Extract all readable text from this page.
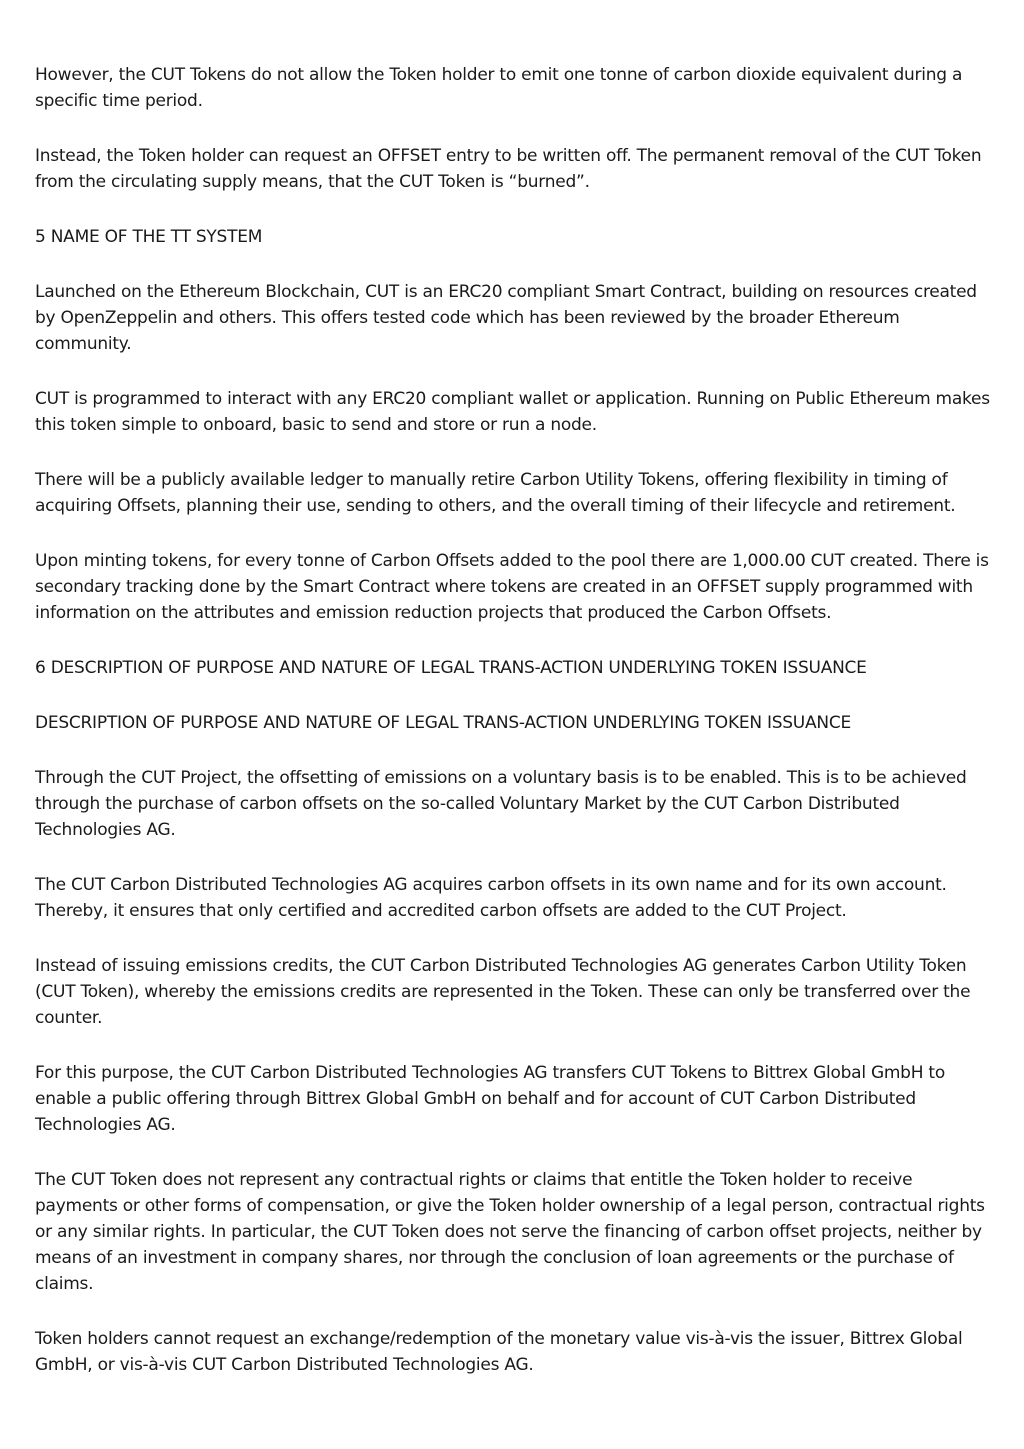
However, the CUT Tokens do not allow the Token holder to emit one tonne of carbon dioxide equivalent during a specific time period.

Instead, the Token holder can request an OFFSET entry to be written off. The permanent removal of the CUT Token from the circulating supply means, that the CUT Token is “burned”.

5 NAME OF THE TT SYSTEM

Launched on the Ethereum Blockchain, CUT is an ERC20 compliant Smart Contract, building on resources created by OpenZeppelin and others. This offers tested code which has been reviewed by the broader Ethereum community.

CUT is programmed to interact with any ERC20 compliant wallet or application. Running on Public Ethereum makes this token simple to onboard, basic to send and store or run a node.

There will be a publicly available ledger to manually retire Carbon Utility Tokens, offering flexibility in timing of acquiring Offsets, planning their use, sending to others, and the overall timing of their lifecycle and retirement.

Upon minting tokens, for every tonne of Carbon Offsets added to the pool there are 1,000.00 CUT created. There is secondary tracking done by the Smart Contract where tokens are created in an OFFSET supply programmed with information on the attributes and emission reduction projects that produced the Carbon Offsets.

6 DESCRIPTION OF PURPOSE AND NATURE OF LEGAL TRANS-ACTION UNDERLYING TOKEN ISSUANCE
DESCRIPTION OF PURPOSE AND NATURE OF LEGAL TRANS-ACTION UNDERLYING TOKEN ISSUANCE

Through the CUT Project, the offsetting of emissions on a voluntary basis is to be enabled. This is to be achieved through the purchase of carbon offsets on the so-called Voluntary Market by the CUT Carbon Distributed Technologies AG.

The CUT Carbon Distributed Technologies AG acquires carbon offsets in its own name and for its own account. Thereby, it ensures that only certified and accredited carbon offsets are added to the CUT Project.

Instead of issuing emissions credits, the CUT Carbon Distributed Technologies AG generates Carbon Utility Token (CUT Token), whereby the emissions credits are represented in the Token. These can only be transferred over the counter.

For this purpose, the CUT Carbon Distributed Technologies AG transfers CUT Tokens to Bittrex Global GmbH to enable a public offering through Bittrex Global GmbH on behalf and for account of CUT Carbon Distributed Technologies AG.

The CUT Token does not represent any contractual rights or claims that entitle the Token holder to receive payments or other forms of compensation, or give the Token holder ownership of a legal person, contractual rights or any similar rights. In particular, the CUT Token does not serve the financing of carbon offset projects, neither by means of an investment in company shares, nor through the conclusion of loan agreements or the purchase of claims.

Token holders cannot request an exchange/redemption of the monetary value vis-à-vis the issuer, Bittrex Global GmbH, or vis-à-vis CUT Carbon Distributed Technologies AG.
